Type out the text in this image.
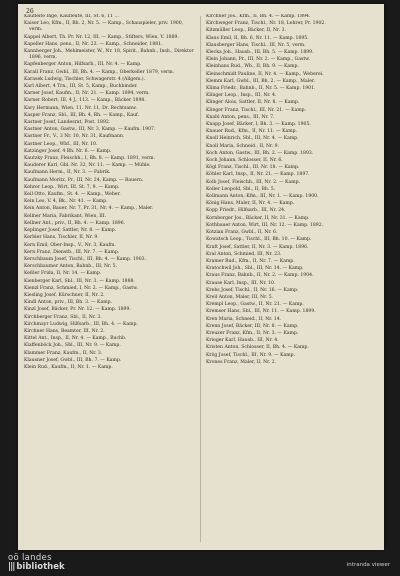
26

Kaufleite Inge, Kaufleute, III, St. 6, 11 ...

Kaiser Leo, Kfm., II, Bh. 2, Nr. 5. — Kamp., Schauspieler, priv. 1900, verm.

Kappel Albert, Th. Pr. Nr. 12, III. — Kamp., Stifters, Wien, V. 1889.

Kapeller Hans, pens., II, Nr. 23. — Kamp., Schneider, 1881.

Kannberger Joh., Mehlmeister, W., Nr. 18, Spirit., Bahnb., Insb., Direktor 1896, verm.

Kapfenberger Anton, Hilfsarb., III, Nr. 4. — Kamp.

Karall Franz, Gwbl., III, Bh. 4. — Kamp., Oberkeller 1879, verm.

Karasek Ludwig, Tischler, Schwagerstr. 4 (Allgem.).

Karl Albert, 4 Trn., III, St. 5, Kamp., Buchbinder.

Karner Josef, Kaufm., II, Nr. 21. — Kamp. 1894, verm.

Karner Robert, III, 4 J., 113. — Kamp., Bäcker 1898.

Kary Hermann, Wien, 11. Nr. 11, Dr. Rechtsanw.

Kasper Franz, Sbl., III, Bh. 4, Rh. — Kamp., Kauf.

Kastner Josef, Landesrat, Post. 1892.

Kastner Anton, Gastw., III, Nr. 3, Kamp. — Kaufm. 1907.

Kastner Fr., V., 3 Nr. 10, Nr. 31, Kaufmann.

Kastner Leop., Wbf., III, Nr. 10.

Katzinger Josef, 4 Bh. Nr. 6. — Kamp.

Kautzky Franz, Fleischh., I, Bh. 8. — Kamp. 1891, verm.

Kauderer Karl, Gbl. Nr. 32, Nr. 11. — Kamp. — Mühle.

Kaufmann Herm., II, Nr. 3. — Fabrik.

Kaufmann Moritz, Pr., III, Nr. 24, Kamp. — Bauern.

Kehrer Leop., Wirt, III, St. 7, 9. — Kamp.

Keil Otto, Kaufm., St. 4. — Kamp., Weber.

Kein Leo, V. 4, Bk., Nr. 41. — Kamp.

Kein Anton, Bauer, Nr. 7, Pr. 31, Nr. 4. — Kamp., Maler.

Kellner Maria, Fabrikant, Wien, III.

Kellner Ant., priv., II, Bh. 4. — Kamp. 1896.

Keplinger Josef, Sattler, Nr. 8. — Kamp.

Kerbler Hans, Tischler, II, Nr. 9.

Kern Emil, Ober-Insp., V., Nr. 3, Kaufm.

Kern Franz, Dienstb., III, Nr. 7. — Kamp.

Kerschbaum Josef, Tischl., III, Bh. 4. — Kamp. 1903.

Kerschbaumer Anton, Bahnb., III, Nr. 5.

Keßler Frida, II, Nr. 14. — Kamp.

Kienberger Karl, Sbl., III, Nr. 3. — Kamp. 1888.

Kienzl Franz, Schmied, I, Nr. 2. — Kamp., Gastw.

Kiesling Josef, Kürschner, II, Nr. 2.

Kindl Anton, priv., III, Bh. 3. — Kamp.

Kinzl Josef, Bäcker, Pr. Nr. 12. — Kamp. 1899.

Kirchberger Franz, Sbl., II, Nr. 3.

Kirchmayr Ludwig, Hilfsarb., III, Bh. 4. — Kamp.

Kirchner Hans, Beamter, III, Nr. 2.

Kittel Ant., Insp., II, Nr. 4. — Kamp., Buchb.

Klaffenböck Joh., Sbl., III, Nr. 9. — Kamp.

Klammer Franz, Kaufm., II, Nr. 3.

Klausner Josef, Gwbl., III, Bh. 7. — Kamp.

Klein Rud., Kaufm., II, Nr. 1. — Kamp.

Kirchner Jos., Kfm., II, Bh. 4. — Kamp. 1894.

Kirchweger Franz, Tischl., Nr. 18, Lehrer, Pr. 1902.

Kitzmüller Leop., Bäcker, II, Nr. 3.

Klaus Emil, II, Bh. 6, Nr. 11. — Kamp. 1895.

Klausberger Hans, Tischl., III, Nr. 5, verm.

Klecka Joh., Hausb., III, Bh. 5. — Kamp. 1899.

Klein Johann, Pr., III, Nr. 2. — Kamp., Gastw.

Kleinhans Rud., Wb., II, Bh. 9. — Kamp.

Kleinschmidt Pauline, II, Nr. 4. — Kamp., Weberei.

Klemm Karl, Gwbl., III, Bh. 2. — Kamp., Maler.

Klima Friedr., Bahnb., II, Nr. 5. — Kamp. 1901.

Klinger Leop., Insp., III, Nr. 4.

Klinger Alois, Sattler, II, Nr. 8. — Kamp.

Klinger Franz, Tischl., III, Nr. 21. — Kamp.

Knabl Anton, pens., III, Nr. 7.

Knapp Josef, Bäcker, I, Bh. 3. — Kamp. 1905.

Knauer Rud., Kfm., II, Nr. 11. — Kamp.

Knoll Heinrich, Sbl., III, Nr. 4. — Kamp.

Knoll Maria, Schneid., II, Nr. 9.

Koch Anton, Gastw., III, Bh. 2. — Kamp. 1893.

Koch Johann, Schlosser, II, Nr. 6.

Kögl Franz, Tischl., III, Nr. 18. — Kamp.

Köhler Karl, Insp., II, Nr. 21. — Kamp. 1897.

Kolb Josef, Fleischh., III, Nr. 2. — Kamp.

Koller Leopold, Sbl., II, Bh. 5.

Kollmann Anton, Kfm., III, Nr. 1. — Kamp. 1900.

König Hans, Maler, II, Nr. 4. — Kamp.

Kopp Friedr., Hilfsarb., III, Nr. 24.

Kornberger Jos., Bäcker, II, Nr. 31. — Kamp.

Kothbauer Anton, Wirt, III, Nr. 12. — Kamp. 1892.

Kotzian Franz, Gwbl., II, Nr. 6.

Kowatsch Leop., Tischl., III, Bh. 10. — Kamp.

Kraft Josef, Sattler, II, Nr. 3. — Kamp. 1896.

Kral Anton, Schmied, III, Nr. 23.

Kramer Rud., Kfm., II, Nr. 7. — Kamp.

Kratochwil Joh., Sbl., III, Nr. 14. — Kamp.

Kraus Franz, Bahnb., II, Nr. 2. — Kamp. 1904.

Krause Karl, Insp., III, Nr. 10.

Krebs Josef, Tischl., II, Nr. 16. — Kamp.

Kreil Anton, Maler, III, Nr. 5.

Krempl Leop., Gastw., II, Nr. 21. — Kamp.

Kremser Hans, Sbl., III, Nr. 11. — Kamp. 1899.

Kren Maria, Schneid., II, Nr. 14.

Krenn Josef, Bäcker, III, Nr. 8. — Kamp.

Kreuzer Franz, Kfm., II, Nr. 3. — Kamp.

Krieger Karl, Hausb., III, Nr. 4.

Kristen Anton, Schlosser, II, Bh. 4. — Kamp.

Krög Josef, Tischl., III, Nr. 9. — Kamp.

Krones Franz, Maler, II, Nr. 2.

oö landes
||| bibliothek	intranda viewer
